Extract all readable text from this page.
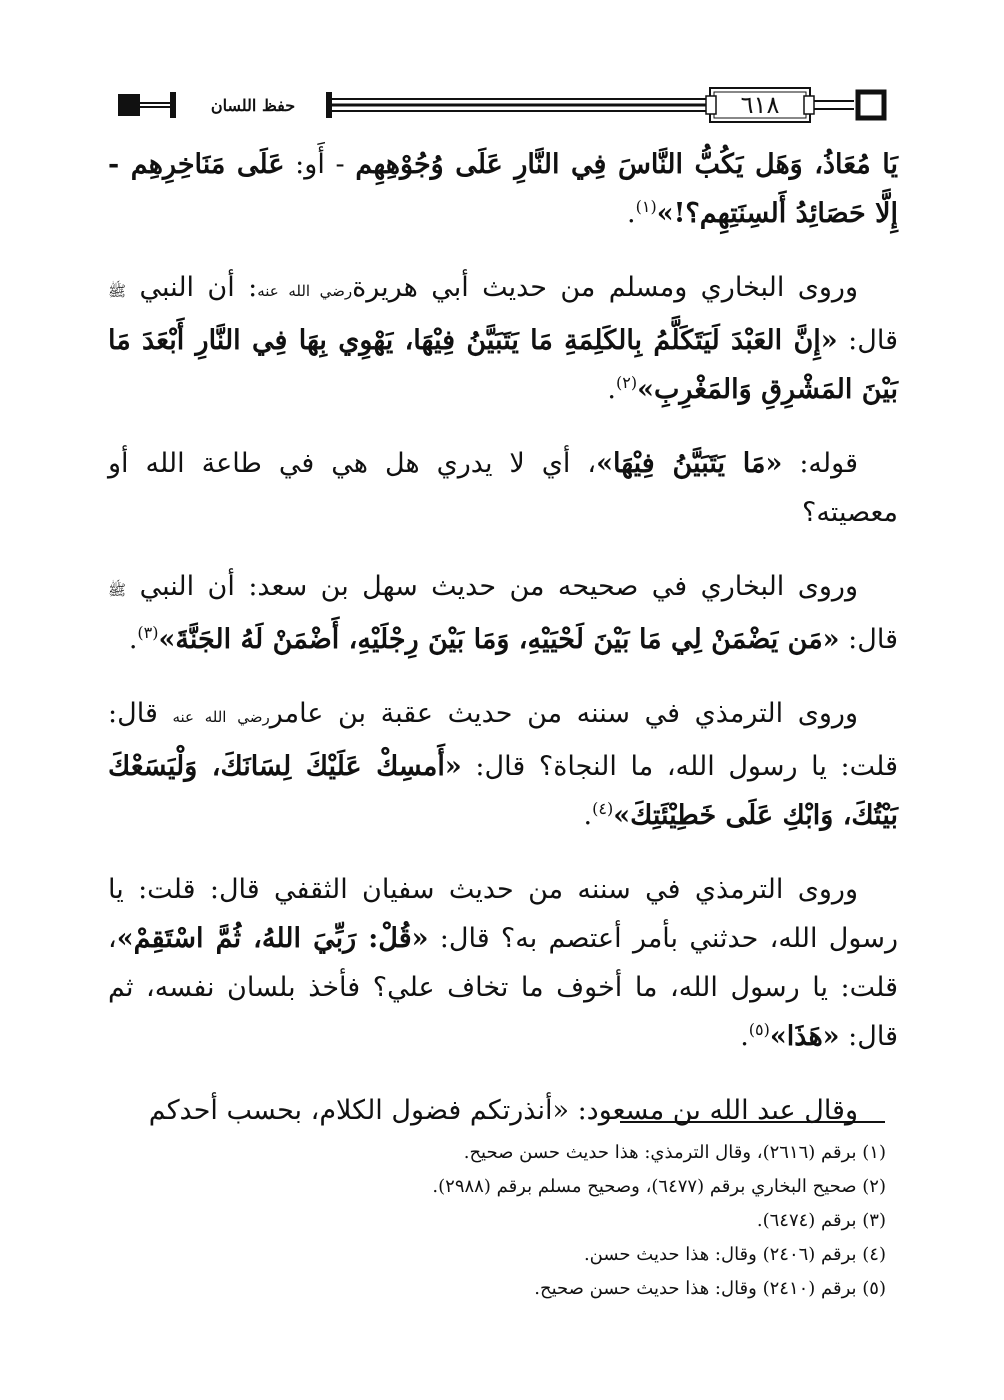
٦١٨
حفظ اللسان

يَا مُعَاذُ، وَهَل يَكُبُّ النَّاسَ فِي النَّارِ عَلَى وُجُوْهِهِم - أَو: عَلَى مَنَاخِرِهِم - إِلَّا حَصَائِدُ أَلسِنَتِهِم؟!»$^{(١)}$.

وروى البخاري ومسلم من حديث أبي هريرةرضي الله عنه: أن النبي ﷺ قال: «إِنَّ العَبْدَ لَيَتَكَلَّمُ بِالكَلِمَةِ مَا يَتَبَيَّنُ فِيْهَا، يَهْوِي بِهَا فِي النَّارِ أَبْعَدَ مَا بَيْنَ المَشْرِقِ وَالمَغْرِبِ»$^{(٢)}$.

قوله: «مَا يَتَبَيَّنُ فِيْهَا»، أي لا يدري هل هي في طاعة الله أو معصيته؟

وروى البخاري في صحيحه من حديث سهل بن سعد: أن النبي ﷺ قال: «مَن يَضْمَنْ لِي مَا بَيْنَ لَحْيَيْهِ، وَمَا بَيْنَ رِجْلَيْهِ، أَضْمَنْ لَهُ الجَنَّةَ»$^{(٣)}$.

وروى الترمذي في سننه من حديث عقبة بن عامررضي الله عنه قال: قلت: يا رسول الله، ما النجاة؟ قال: «أَمسِكْ عَلَيْكَ لِسَانَكَ، وَلْيَسَعْكَ بَيْتُكَ، وَابْكِ عَلَى خَطِيْئَتِكَ»$^{(٤)}$.

وروى الترمذي في سننه من حديث سفيان الثقفي قال: قلت: يا رسول الله، حدثني بأمر أعتصم به؟ قال: «قُلْ: رَبِّيَ اللهُ، ثُمَّ اسْتَقِمْ»، قلت: يا رسول الله، ما أخوف ما تخاف علي؟ فأخذ بلسان نفسه، ثم قال: «هَذَا»$^{(٥)}$.

وقال عبد الله بن مسعود: «أنذرتكم فضول الكلام، بحسب أحدكم

(١) برقم (٢٦١٦)، وقال الترمذي: هذا حديث حسن صحيح.
(٢) صحيح البخاري برقم (٦٤٧٧)، وصحيح مسلم برقم (٢٩٨٨).
(٣) برقم (٦٤٧٤).
(٤) برقم (٢٤٠٦) وقال: هذا حديث حسن.
(٥) برقم (٢٤١٠) وقال: هذا حديث حسن صحيح.
